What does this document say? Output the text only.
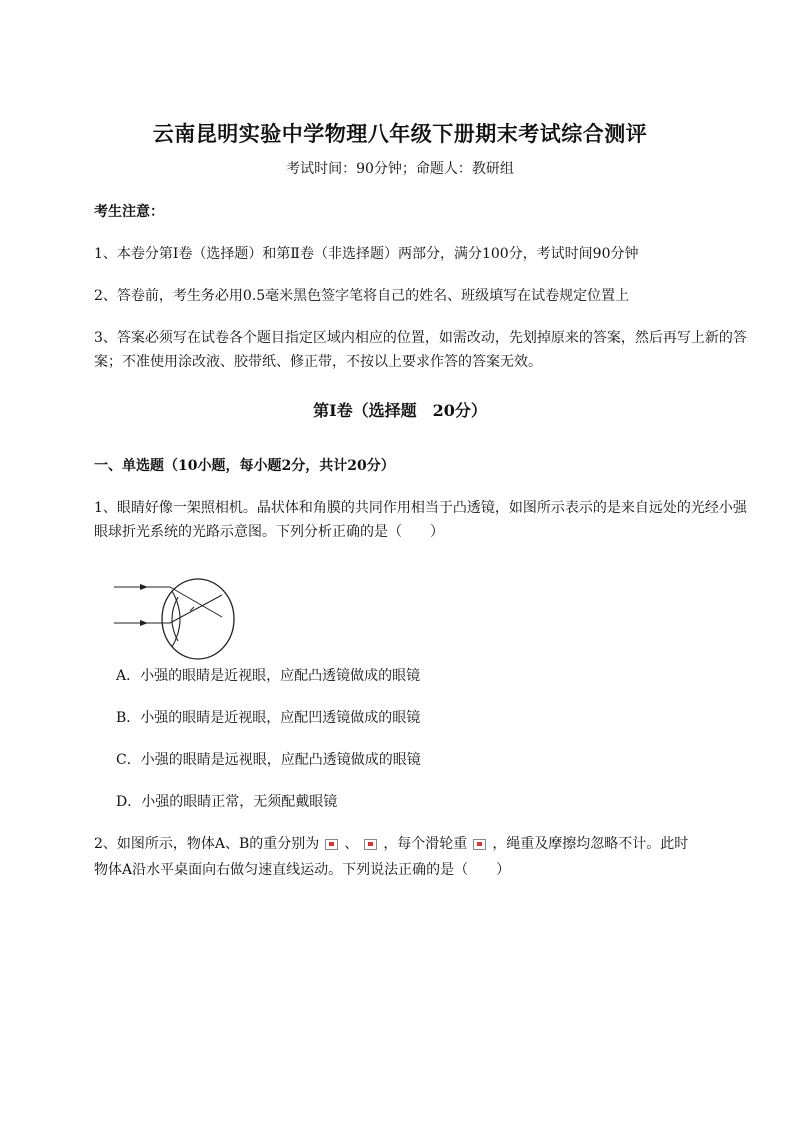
云南昆明实验中学物理八年级下册期末考试综合测评
考试时间：90分钟；命题人：教研组
考生注意：
1、本卷分第I卷（选择题）和第Ⅱ卷（非选择题）两部分，满分100分，考试时间90分钟
2、答卷前，考生务必用0.5毫米黑色签字笔将自己的姓名、班级填写在试卷规定位置上
3、答案必须写在试卷各个题目指定区域内相应的位置，如需改动，先划掉原来的答案，然后再写上新的答案；不准使用涂改液、胶带纸、修正带，不按以上要求作答的答案无效。
第I卷（选择题　20分）
一、单选题（10小题，每小题2分，共计20分）
1、眼睛好像一架照相机。晶状体和角膜的共同作用相当于凸透镜，如图所示表示的是来自远处的光经小强眼球折光系统的光路示意图。下列分析正确的是（　　）
A．小强的眼睛是近视眼，应配凸透镜做成的眼镜
B．小强的眼睛是近视眼，应配凹透镜做成的眼镜
C．小强的眼睛是远视眼，应配凸透镜做成的眼镜
D．小强的眼睛正常，无须配戴眼镜
2、如图所示，物体A、B的重分别为 、 ，每个滑轮重 ，绳重及摩擦均忽略不计。此时
物体A沿水平桌面向右做匀速直线运动。下列说法正确的是（　　）
